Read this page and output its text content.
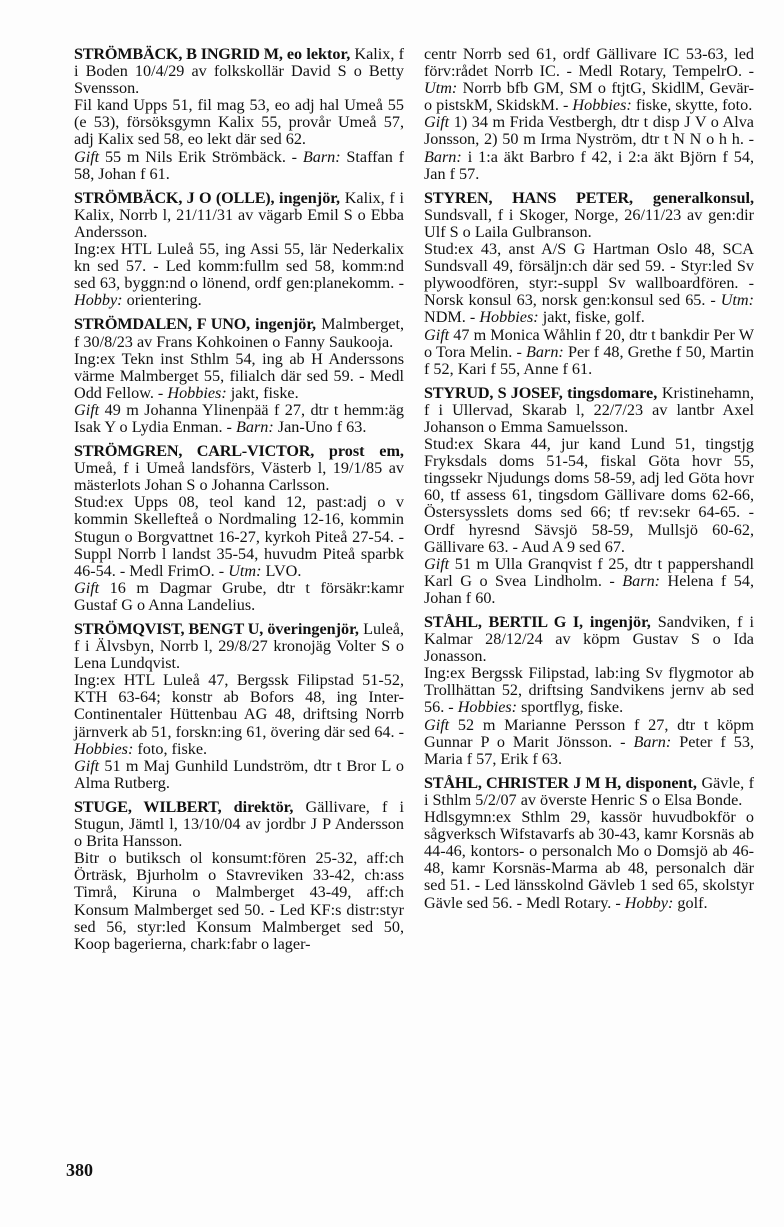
STRÖMBÄCK, B INGRID M, eo lektor, Kalix, f i Boden 10/4/29 av folkskollär David S o Betty Svensson.

Fil kand Upps 51, fil mag 53, eo adj hal Umeå 55 (e 53), försöksgymn Kalix 55, provår Umeå 57, adj Kalix sed 58, eo lekt där sed 62.

Gift 55 m Nils Erik Strömbäck. - Barn: Staffan f 58, Johan f 61.

STRÖMBÄCK, J O (OLLE), ingenjör, Kalix, f i Kalix, Norrb l, 21/11/31 av vägarb Emil S o Ebba Andersson.

Ing:ex HTL Luleå 55, ing Assi 55, lär Nederkalix kn sed 57. - Led komm:fullm sed 58, komm:nd sed 63, byggn:nd o lönend, ordf gen:planekomm. - Hobby: orientering.

STRÖMDALEN, F UNO, ingenjör, Malmberget, f 30/8/23 av Frans Kohkoinen o Fanny Saukooja.

Ing:ex Tekn inst Sthlm 54, ing ab H Anderssons värme Malmberget 55, filialch där sed 59. - Medl Odd Fellow. - Hobbies: jakt, fiske.

Gift 49 m Johanna Ylinenpää f 27, dtr t hemm:äg Isak Y o Lydia Enman. - Barn: Jan-Uno f 63.

STRÖMGREN, CARL-VICTOR, prost em, Umeå, f i Umeå landsförs, Västerb l, 19/1/85 av mästerlots Johan S o Johanna Carlsson.

Stud:ex Upps 08, teol kand 12, past:adj o v kommin Skellefteå o Nordmaling 12-16, kommin Stugun o Borgvattnet 16-27, kyrkoh Piteå 27-54. - Suppl Norrb l landst 35-54, huvudm Piteå sparbk 46-54. - Medl FrimO. - Utm: LVO.

Gift 16 m Dagmar Grube, dtr t försäkr:kamr Gustaf G o Anna Landelius.

STRÖMQVIST, BENGT U, överingenjör, Luleå, f i Älvsbyn, Norrb l, 29/8/27 kronojäg Volter S o Lena Lundqvist.

Ing:ex HTL Luleå 47, Bergssk Filipstad 51-52, KTH 63-64; konstr ab Bofors 48, ing Inter-Continentaler Hüttenbau AG 48, driftsing Norrb järnverk ab 51, forskn:ing 61, övering där sed 64. - Hobbies: foto, fiske.

Gift 51 m Maj Gunhild Lundström, dtr t Bror L o Alma Rutberg.

STUGE, WILBERT, direktör, Gällivare, f i Stugun, Jämtl l, 13/10/04 av jordbr J P Andersson o Brita Hansson.

Bitr o butiksch ol konsumt:fören 25-32, aff:ch Örträsk, Bjurholm o Stavreviken 33-42, ch:ass Timrå, Kiruna o Malmberget 43-49, aff:ch Konsum Malmberget sed 50. - Led KF:s distr:styr sed 56, styr:led Konsum Malmberget sed 50, Koop bagerierna, chark:fabr o lager-

centr Norrb sed 61, ordf Gällivare IC 53-63, led förv:rådet Norrb IC. - Medl Rotary, TempelrO. - Utm: Norrb bfb GM, SM o ftjtG, SkidlM, Gevär- o pistskM, SkidskM. - Hobbies: fiske, skytte, foto.

Gift 1) 34 m Frida Vestbergh, dtr t disp J V o Alva Jonsson, 2) 50 m Irma Nyström, dtr t N N o h h. - Barn: i 1:a äkt Barbro f 42, i 2:a äkt Björn f 54, Jan f 57.

STYREN, HANS PETER, generalkonsul, Sundsvall, f i Skoger, Norge, 26/11/23 av gen:dir Ulf S o Laila Gulbranson.

Stud:ex 43, anst A/S G Hartman Oslo 48, SCA Sundsvall 49, försäljn:ch där sed 59. - Styr:led Sv plywoodfören, styr:-suppl Sv wallboardfören. - Norsk konsul 63, norsk gen:konsul sed 65. - Utm: NDM. - Hobbies: jakt, fiske, golf.

Gift 47 m Monica Wåhlin f 20, dtr t bankdir Per W o Tora Melin. - Barn: Per f 48, Grethe f 50, Martin f 52, Kari f 55, Anne f 61.

STYRUD, S JOSEF, tingsdomare, Kristinehamn, f i Ullervad, Skarab l, 22/7/23 av lantbr Axel Johanson o Emma Samuelsson.

Stud:ex Skara 44, jur kand Lund 51, tingstjg Fryksdals doms 51-54, fiskal Göta hovr 55, tingssekr Njudungs doms 58-59, adj led Göta hovr 60, tf assess 61, tingsdom Gällivare doms 62-66, Östersysslets doms sed 66; tf rev:sekr 64-65. - Ordf hyresnd Sävsjö 58-59, Mullsjö 60-62, Gällivare 63. - Aud A 9 sed 67.

Gift 51 m Ulla Granqvist f 25, dtr t pappershandl Karl G o Svea Lindholm. - Barn: Helena f 54, Johan f 60.

STÅHL, BERTIL G I, ingenjör, Sandviken, f i Kalmar 28/12/24 av köpm Gustav S o Ida Jonasson.

Ing:ex Bergssk Filipstad, lab:ing Sv flygmotor ab Trollhättan 52, driftsing Sandvikens jernv ab sed 56. - Hobbies: sportflyg, fiske.

Gift 52 m Marianne Persson f 27, dtr t köpm Gunnar P o Marit Jönsson. - Barn: Peter f 53, Maria f 57, Erik f 63.

STÅHL, CHRISTER J M H, disponent, Gävle, f i Sthlm 5/2/07 av överste Henric S o Elsa Bonde.

Hdlsgymn:ex Sthlm 29, kassör huvudbokför o sågverksch Wifstavarfs ab 30-43, kamr Korsnäs ab 44-46, kontors- o personalch Mo o Domsjö ab 46-48, kamr Korsnäs-Marma ab 48, personalch där sed 51. - Led länsskolnd Gävleb 1 sed 65, skolstyr Gävle sed 56. - Medl Rotary. - Hobby: golf.

380
